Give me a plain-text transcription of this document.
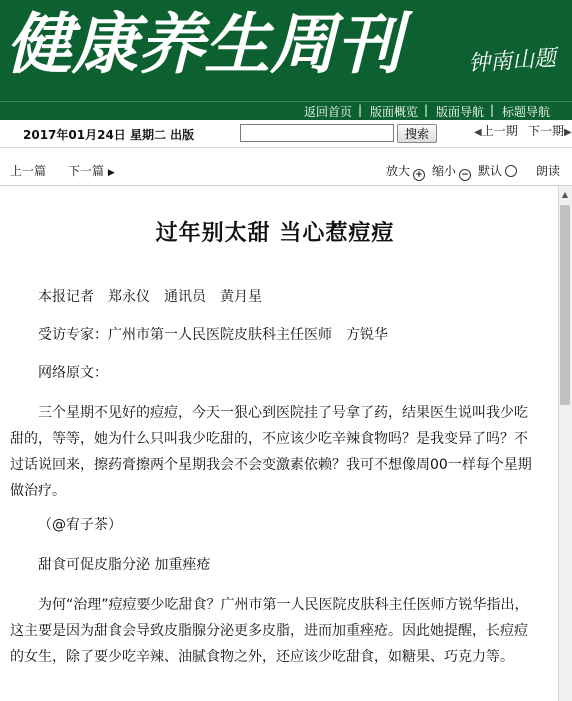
健康养生周刊	钟南山题
返回首页 | 版面概览 | 版面导航 | 标题导航
2017年01月24日 星期二 出版	搜索	◀上一期 下一期▶
上一篇 下一篇 ▶	放大 + 缩小 − 默认	朗读
过年别太甜 当心惹痘痘
本报记者　郑永仪　通讯员　黄月星
受访专家：广州市第一人民医院皮肤科主任医师　方锐华
网络原文：
三个星期不见好的痘痘，今天一狠心到医院挂了号拿了药，结果医生说叫我少吃甜的，等等，她为什么只叫我少吃甜的，不应该少吃辛辣食物吗？是我变异了吗？不过话说回来，擦药膏擦两个星期我会不会变激素依赖？我可不想像周00一样每个星期做治疗。
（@宥子茶）
甜食可促皮脂分泌 加重痤疮
为何“治理”痘痘要少吃甜食？广州市第一人民医院皮肤科主任医师方锐华指出，这主要是因为甜食会导致皮脂腺分泌更多皮脂，进而加重痤疮。因此她提醒，长痘痘的女生，除了要少吃辛辣、油腻食物之外，还应该少吃甜食，如糖果、巧克力等。
▲
